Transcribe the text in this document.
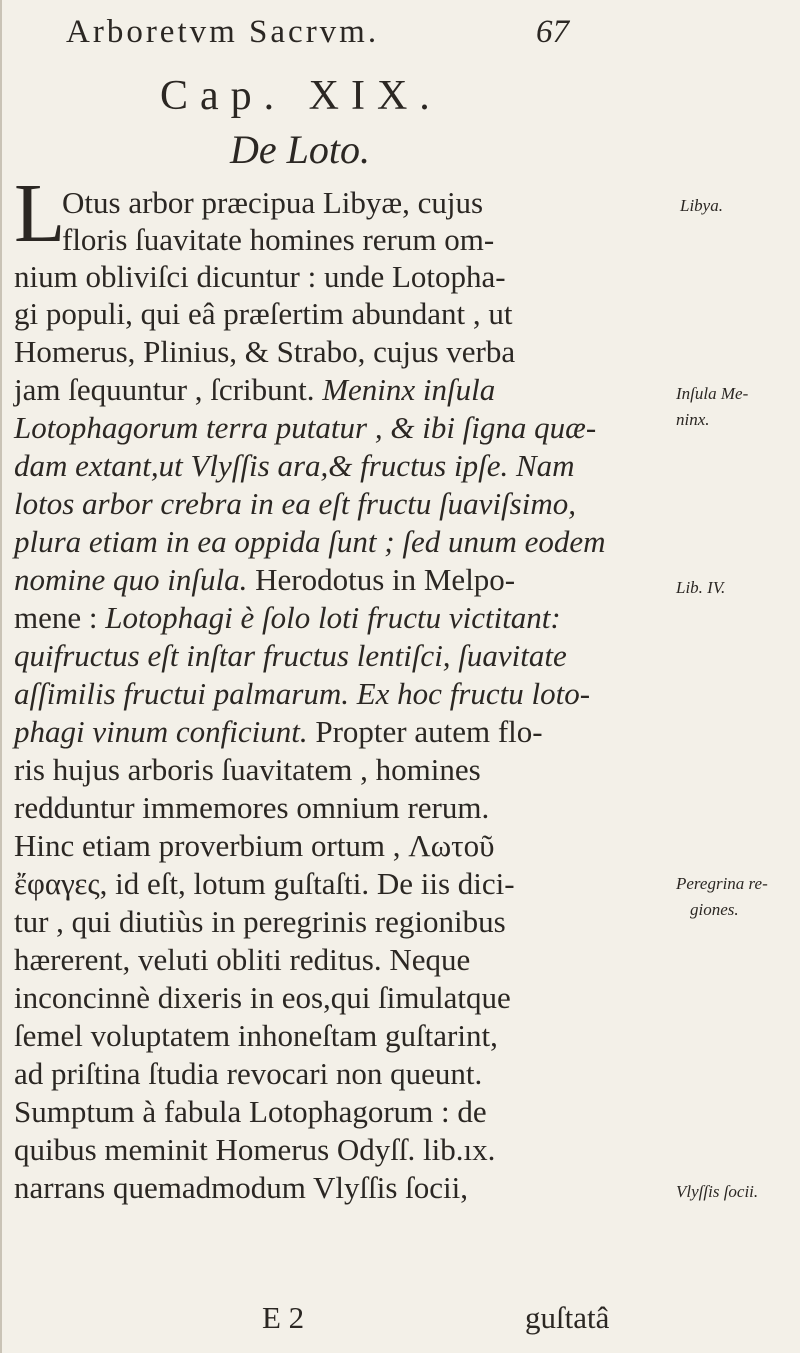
Arboretvm Sacrvm.	67
Cap. XIX.
De Loto.
L
Otus arbor præcipua Libyæ, cujus
floris ſuavitate homines rerum om-
nium obliviſci dicuntur : unde Lotopha-
gi populi, qui eâ præſertim abundant , ut
Homerus, Plinius, & Strabo, cujus verba
jam ſequuntur , ſcribunt. Meninx inſula
Lotophagorum terra putatur , & ibi ſigna quæ-
dam extant,ut Vlyſſis ara,& fructus ipſe. Nam
lotos arbor crebra in ea eſt fructu ſuaviſsimo,
plura etiam in ea oppida ſunt ; ſed unum eodem
nomine quo inſula. Herodotus in Melpo-
mene : Lotophagi è ſolo loti fructu victitant:
quifructus eſt inſtar fructus lentiſci, ſuavitate
aſſimilis fructui palmarum. Ex hoc fructu loto-
phagi vinum conficiunt. Propter autem flo-
ris hujus arboris ſuavitatem , homines
redduntur immemores omnium rerum.
Hinc etiam proverbium ortum , Λωτοῦ
ἔφαγες, id eſt, lotum guſtaſti. De iis dici-
tur , qui diutiùs in peregrinis regionibus
hærerent, veluti obliti reditus. Neque
inconcinnè dixeris in eos,qui ſimulatque
ſemel voluptatem inhoneſtam guſtarint,
ad priſtina ſtudia revocari non queunt.
Sumptum à fabula Lotophagorum : de
quibus meminit Homerus Odyſſ. lib.ıx.
narrans quemadmodum Vlyſſis ſocii,
Libya.
Inſula Me-
ninx.
Lib. IV.
Peregrina re-
giones.
Vlyſſis ſocii.
E 2	guſtatâ
